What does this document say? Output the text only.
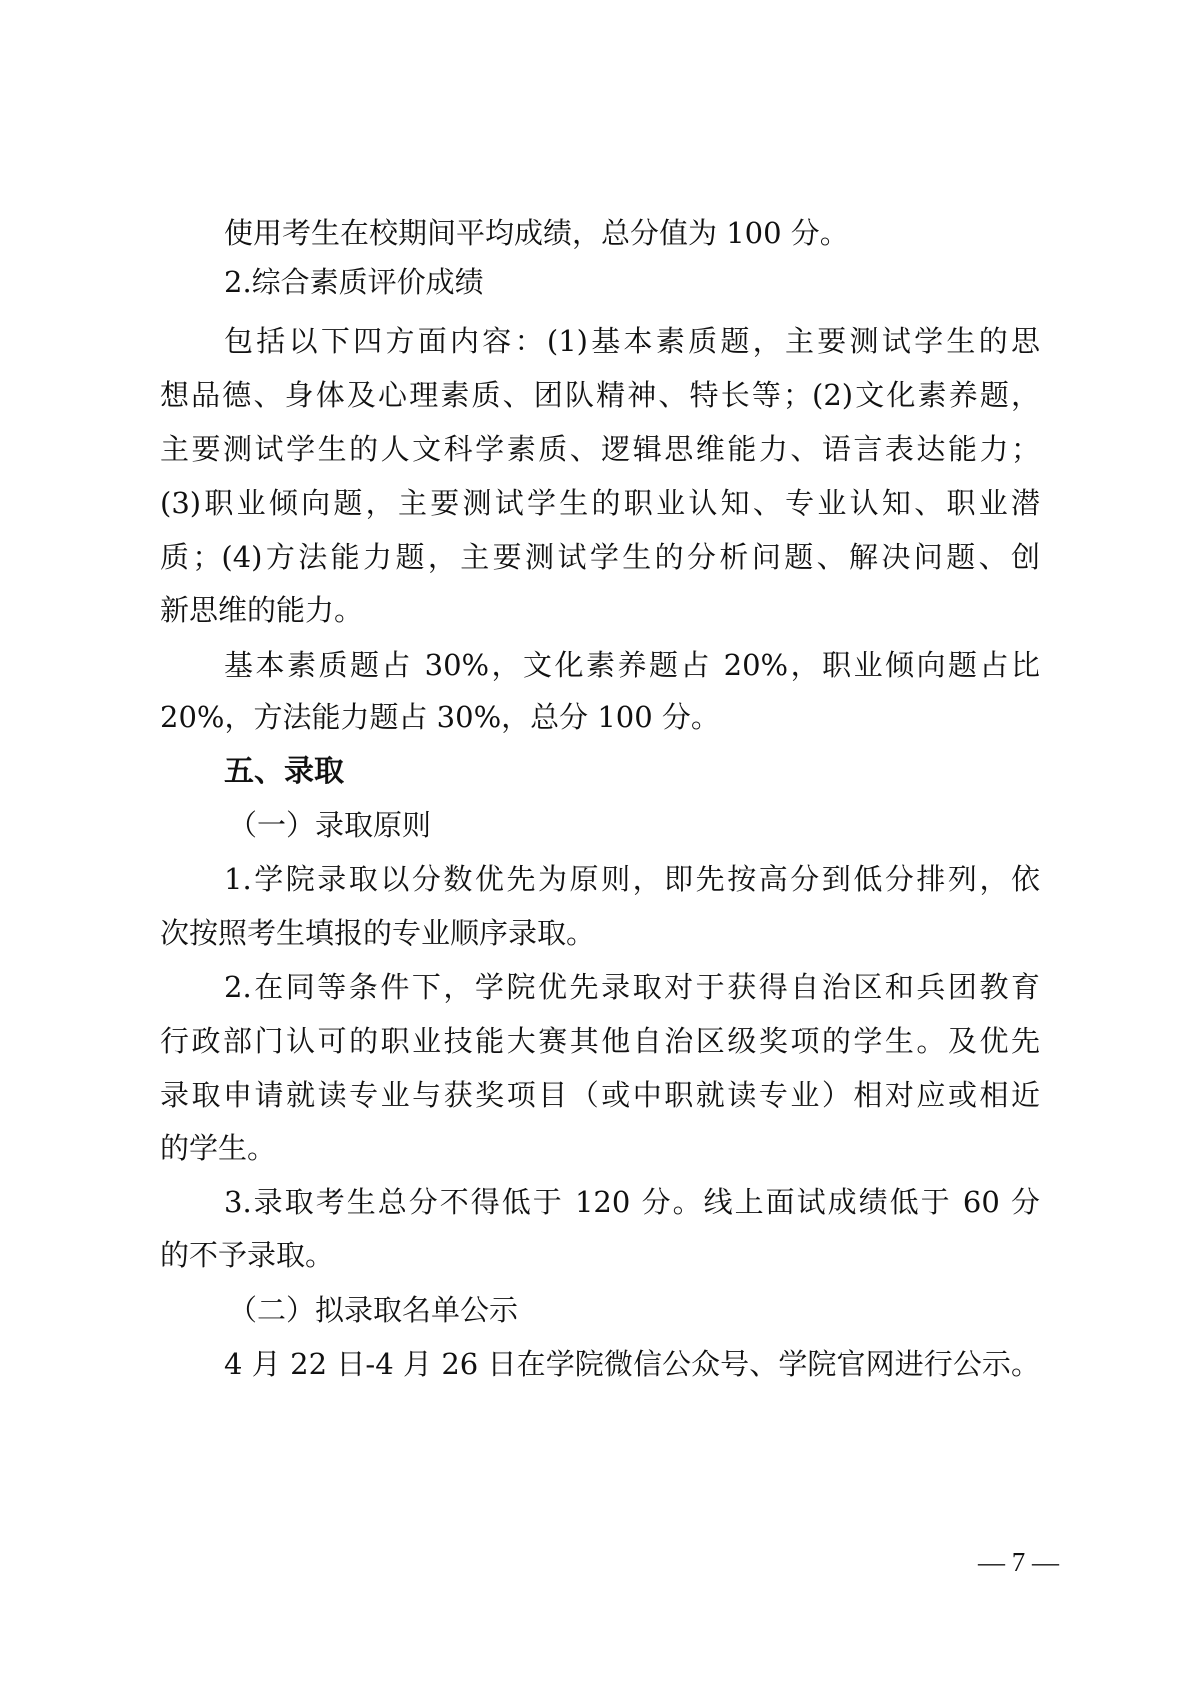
使用考生在校期间平均成绩，总分值为 100 分。
2.综合素质评价成绩
包括以下四方面内容：(1)基本素质题，主要测试学生的思
想品德、身体及心理素质、团队精神、特长等；(2)文化素养题，
主要测试学生的人文科学素质、逻辑思维能力、语言表达能力；
(3)职业倾向题，主要测试学生的职业认知、专业认知、职业潜
质；(4)方法能力题，主要测试学生的分析问题、解决问题、创
新思维的能力。
基本素质题占 30%，文化素养题占 20%，职业倾向题占比
20%，方法能力题占 30%，总分 100 分。
五、录取
（一）录取原则
1.学院录取以分数优先为原则，即先按高分到低分排列，依
次按照考生填报的专业顺序录取。
2.在同等条件下，学院优先录取对于获得自治区和兵团教育
行政部门认可的职业技能大赛其他自治区级奖项的学生。及优先
录取申请就读专业与获奖项目（或中职就读专业）相对应或相近
的学生。
3.录取考生总分不得低于 120 分。线上面试成绩低于 60 分
的不予录取。
（二）拟录取名单公示
4 月 22 日-4 月 26 日在学院微信公众号、学院官网进行公示。
— 7 —
